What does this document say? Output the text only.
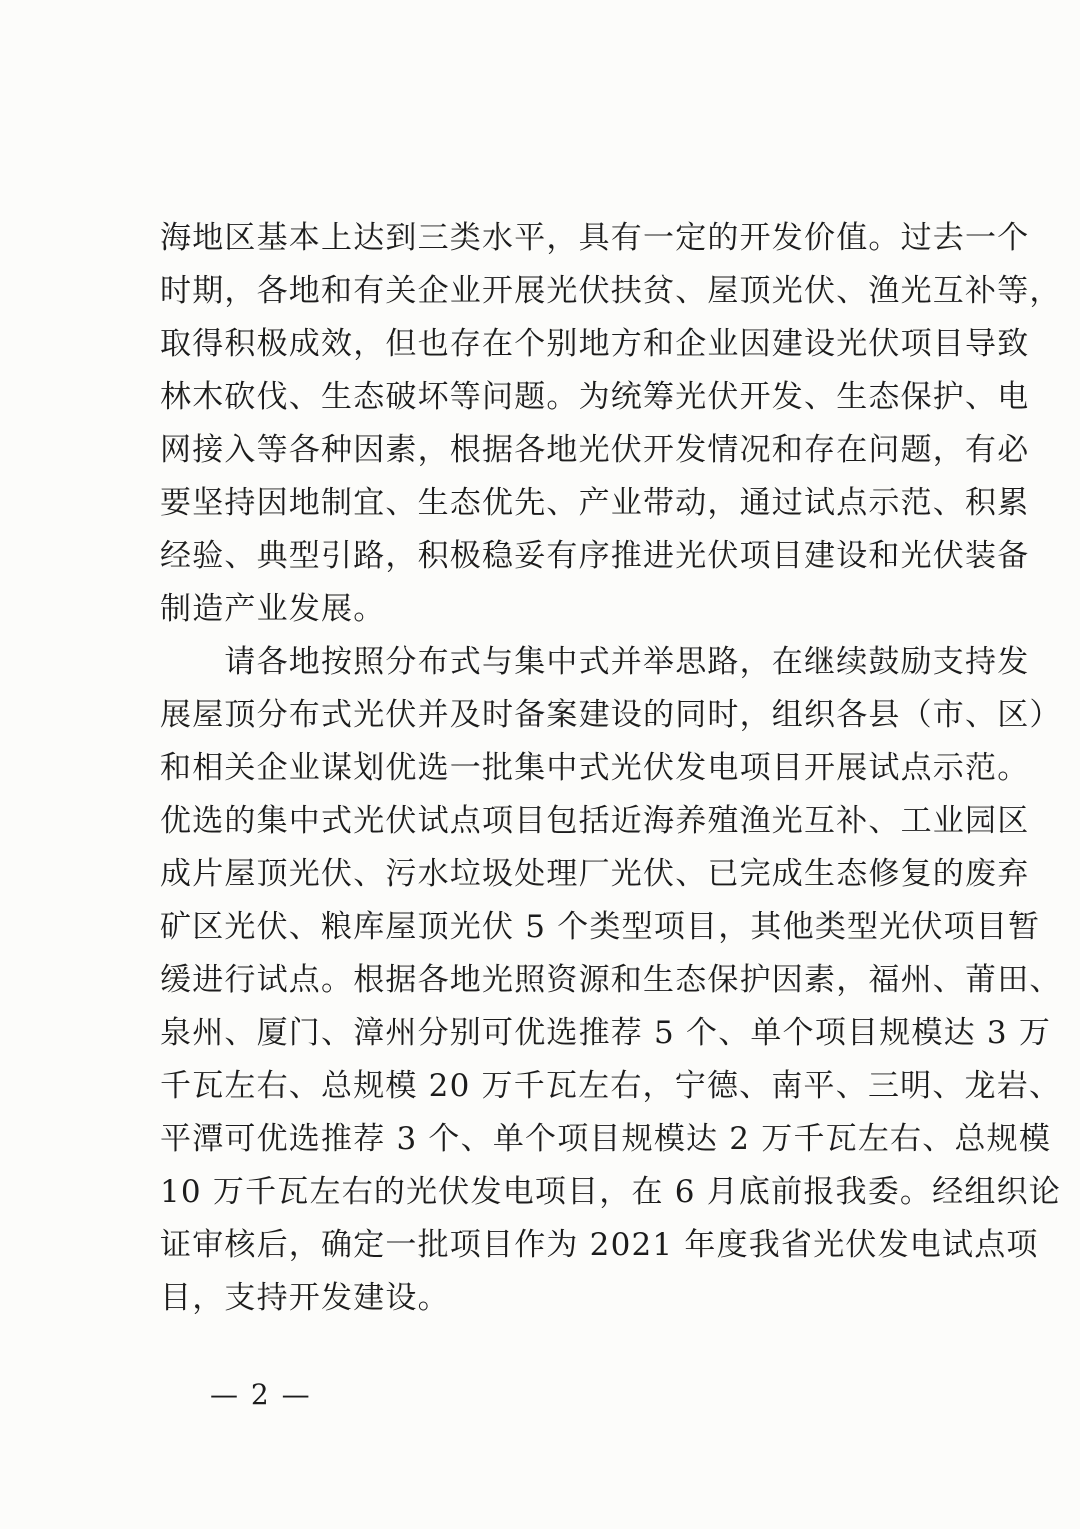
海地区基本上达到三类水平，具有一定的开发价值。过去一个
时期，各地和有关企业开展光伏扶贫、屋顶光伏、渔光互补等，
取得积极成效，但也存在个别地方和企业因建设光伏项目导致
林木砍伐、生态破坏等问题。为统筹光伏开发、生态保护、电
网接入等各种因素，根据各地光伏开发情况和存在问题，有必
要坚持因地制宜、生态优先、产业带动，通过试点示范、积累
经验、典型引路，积极稳妥有序推进光伏项目建设和光伏装备
制造产业发展。
　　请各地按照分布式与集中式并举思路，在继续鼓励支持发
展屋顶分布式光伏并及时备案建设的同时，组织各县（市、区）
和相关企业谋划优选一批集中式光伏发电项目开展试点示范。
优选的集中式光伏试点项目包括近海养殖渔光互补、工业园区
成片屋顶光伏、污水垃圾处理厂光伏、已完成生态修复的废弃
矿区光伏、粮库屋顶光伏 5 个类型项目，其他类型光伏项目暂
缓进行试点。根据各地光照资源和生态保护因素，福州、莆田、
泉州、厦门、漳州分别可优选推荐 5 个、单个项目规模达 3 万
千瓦左右、总规模 20 万千瓦左右，宁德、南平、三明、龙岩、
平潭可优选推荐 3 个、单个项目规模达 2 万千瓦左右、总规模
10 万千瓦左右的光伏发电项目，在 6 月底前报我委。经组织论
证审核后，确定一批项目作为 2021 年度我省光伏发电试点项
目，支持开发建设。
— 2 —
